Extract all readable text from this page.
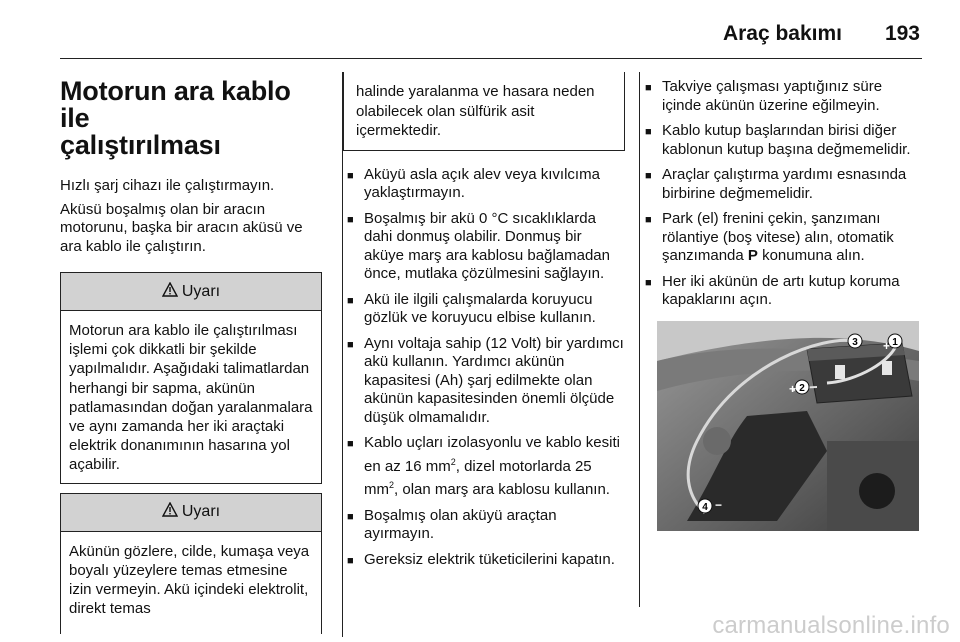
Araç bakımı 193
Motorun ara kablo ile
çalıştırılması

Hızlı şarj cihazı ile çalıştırmayın.

Aküsü boşalmış olan bir aracın motorunu, başka bir aracın aküsü ve ara kablo ile çalıştırın.

Uyarı
Motorun ara kablo ile çalıştırılması işlemi çok dikkatli bir şekilde yapılmalıdır. Aşağıdaki talimatlardan herhangi bir sapma, akünün patlamasından doğan yaralanmalara ve aynı zamanda her iki araçtaki elektrik donanımının hasarına yol açabilir.
Uyarı
Akünün gözlere, cilde, kumaşa veya boyalı yüzeylere temas etmesine izin vermeyin. Akü içindeki elektrolit, direkt temas
halinde yaralanma ve hasara neden olabilecek olan sülfürik asit içermektedir.
■ Aküyü asla açık alev veya kıvılcıma yaklaştırmayın.
■ Boşalmış bir akü 0 °C sıcaklıklarda dahi donmuş olabilir. Donmuş bir aküye marş ara kablosu bağlamadan önce, mutlaka çözülmesini sağlayın.
■ Akü ile ilgili çalışmalarda koruyucu gözlük ve koruyucu elbise kullanın.
■ Aynı voltaja sahip (12 Volt) bir yardımcı akü kullanın. Yardımcı akünün kapasitesi (Ah) şarj edilmekte olan akünün kapasitesinden önemli ölçüde düşük olmamalıdır.
■ Kablo uçları izolasyonlu ve kablo kesiti en az 16 $mm^2$, dizel motorlarda 25 $mm^2$, olan marş ara kablosu kullanın.
■ Boşalmış olan aküyü araçtan ayırmayın.
■ Gereksiz elektrik tüketicilerini kapatın.
■ Takviye çalışması yaptığınız süre içinde akünün üzerine eğilmeyin.
■ Kablo kutup başlarından birisi diğer kablonun kutup başına değmemelidir.
■ Araçlar çalıştırma yardımı esnasında birbirine değmemelidir.
■ Park (el) frenini çekin, şanzımanı rölantiye (boş vitese) alın, otomatik şanzımanda P konumuna alın.
■ Her iki akünün de artı kutup koruma kapaklarını açın.
3	1
+
2
+
4 −
carmanualsonline.info
